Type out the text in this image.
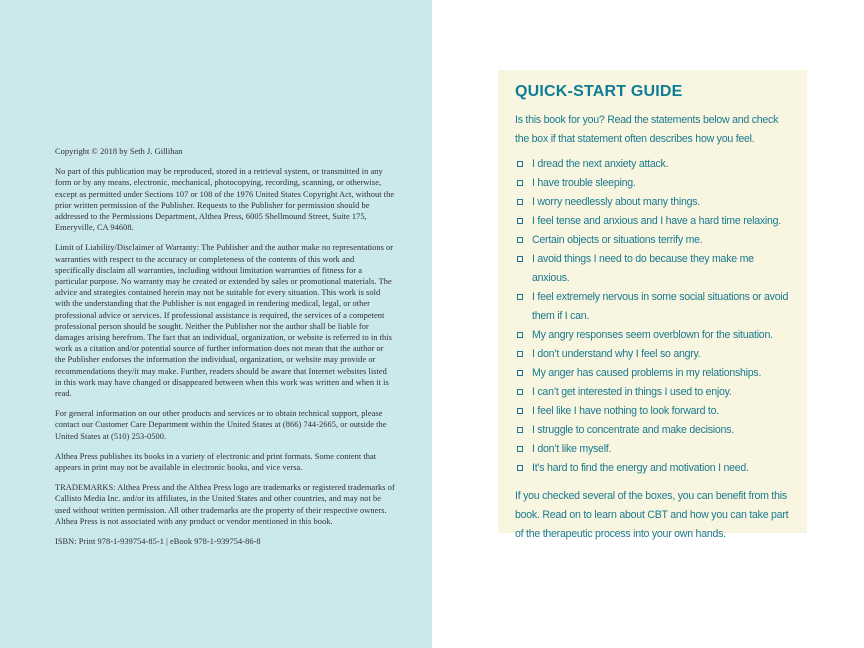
Copyright © 2018 by Seth J. Gillihan

No part of this publication may be reproduced, stored in a retrieval system, or transmitted in any form or by any means, electronic, mechanical, photocopying, recording, scanning, or otherwise, except as permitted under Sections 107 or 108 of the 1976 United States Copyright Act, without the prior written permission of the Publisher. Requests to the Publisher for permission should be addressed to the Permissions Department, Althea Press, 6005 Shellmound Street, Suite 175, Emeryville, CA 94608.

Limit of Liability/Disclaimer of Warranty: The Publisher and the author make no representations or warranties with respect to the accuracy or completeness of the contents of this work and specifically disclaim all warranties, including without limitation warranties of fitness for a particular purpose. No warranty may be created or extended by sales or promotional materials. The advice and strategies contained herein may not be suitable for every situation. This work is sold with the understanding that the Publisher is not engaged in rendering medical, legal, or other professional advice or services. If professional assistance is required, the services of a competent professional person should be sought. Neither the Publisher nor the author shall be liable for damages arising herefrom. The fact that an individual, organization, or website is referred to in this work as a citation and/or potential source of further information does not mean that the author or the Publisher endorses the information the individual, organization, or website may provide or recommendations they/it may make. Further, readers should be aware that Internet websites listed in this work may have changed or disappeared between when this work was written and when it is read.

For general information on our other products and services or to obtain technical support, please contact our Customer Care Department within the United States at (866) 744-2665, or outside the United States at (510) 253-0500.

Althea Press publishes its books in a variety of electronic and print formats. Some content that appears in print may not be available in electronic books, and vice versa.

TRADEMARKS: Althea Press and the Althea Press logo are trademarks or registered trademarks of Callisto Media Inc. and/or its affiliates, in the United States and other countries, and may not be used without written permission. All other trademarks are the property of their respective owners. Althea Press is not associated with any product or vendor mentioned in this book.

ISBN: Print 978-1-939754-85-1 | eBook 978-1-939754-86-8

QUICK-START GUIDE

Is this book for you? Read the statements below and check the box if that statement often describes how you feel.

I dread the next anxiety attack.
I have trouble sleeping.
I worry needlessly about many things.
I feel tense and anxious and I have a hard time relaxing.
Certain objects or situations terrify me.
I avoid things I need to do because they make me anxious.
I feel extremely nervous in some social situations or avoid them if I can.
My angry responses seem overblown for the situation.
I don’t understand why I feel so angry.
My anger has caused problems in my relationships.
I can’t get interested in things I used to enjoy.
I feel like I have nothing to look forward to.
I struggle to concentrate and make decisions.
I don’t like myself.
It’s hard to find the energy and motivation I need.

If you checked several of the boxes, you can benefit from this book. Read on to learn about CBT and how you can take part of the therapeutic process into your own hands.
